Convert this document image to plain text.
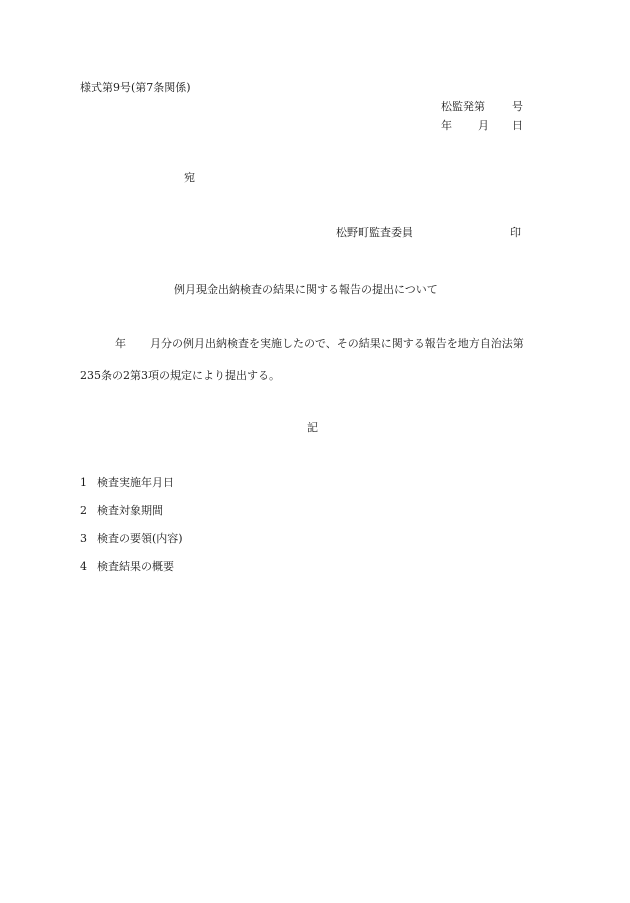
様式第9号(第7条関係)
松監発第 号
年 月 日
宛
松野町監査委員	印
例月現金出納検査の結果に関する報告の提出について
年 月分の例月出納検査を実施したので、その結果に関する報告を地方自治法第
235条の2第3項の規定により提出する。
記
1 検査実施年月日
2 検査対象期間
3 検査の要領(内容)
4 検査結果の概要
